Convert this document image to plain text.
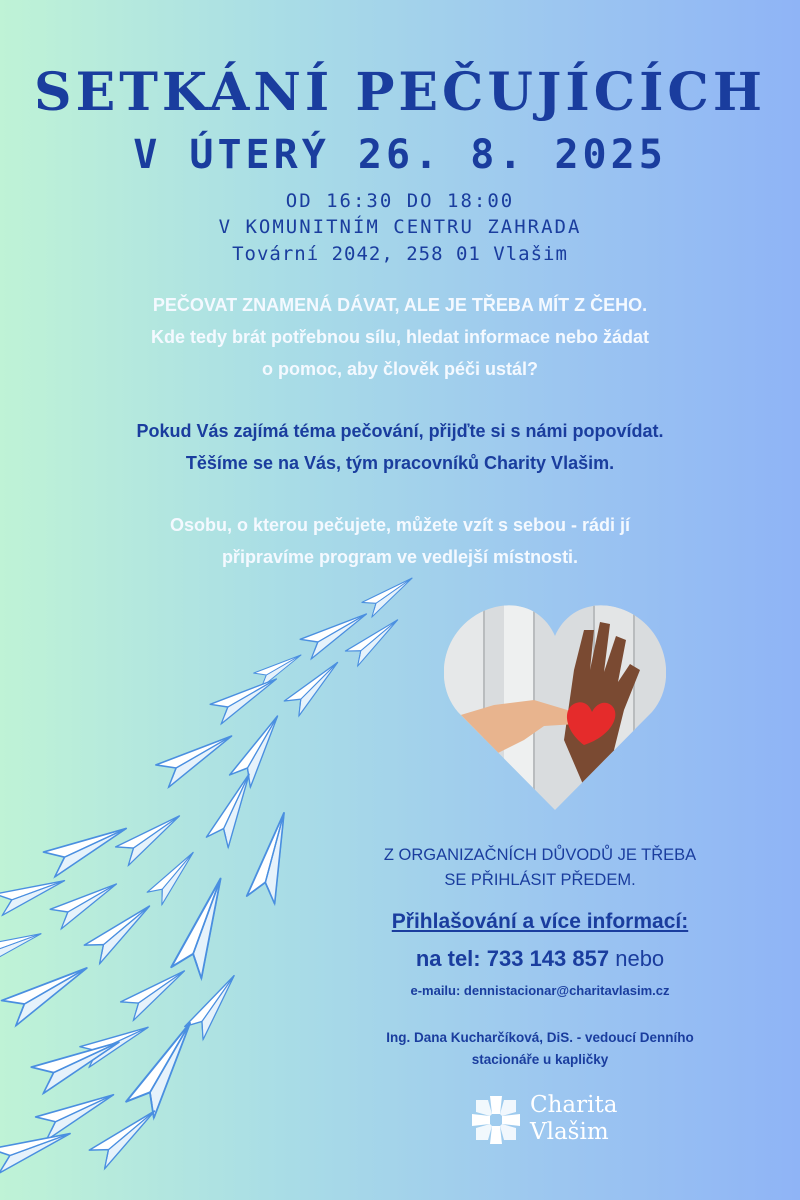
SETKÁNÍ PEČUJÍCÍCH
V ÚTERÝ 26. 8. 2025
OD 16:30 DO 18:00
V KOMUNITNÍM CENTRU ZAHRADA
Tovární 2042, 258 01 Vlašim
PEČOVAT ZNAMENÁ DÁVAT, ALE JE TŘEBA MÍT Z ČEHO.
Kde tedy brát potřebnou sílu, hledat informace nebo žádat
o pomoc, aby člověk péči ustál?
Pokud Vás zajímá téma pečování, přijďte si s námi popovídat.
Těšíme se na Vás, tým pracovníků Charity Vlašim.
Osobu, o kterou pečujete, můžete vzít s sebou - rádi jí
připravíme program ve vedlejší místnosti.
Z ORGANIZAČNÍCH DŮVODŮ JE TŘEBA
SE PŘIHLÁSIT PŘEDEM.
Přihlašování a více informací:
na tel: 733 143 857 nebo
e-mailu: dennistacionar@charitavlasim.cz
Ing. Dana Kucharčíková, DiS. - vedoucí Denního
stacionáře u kapličky
Charita
Vlašim
